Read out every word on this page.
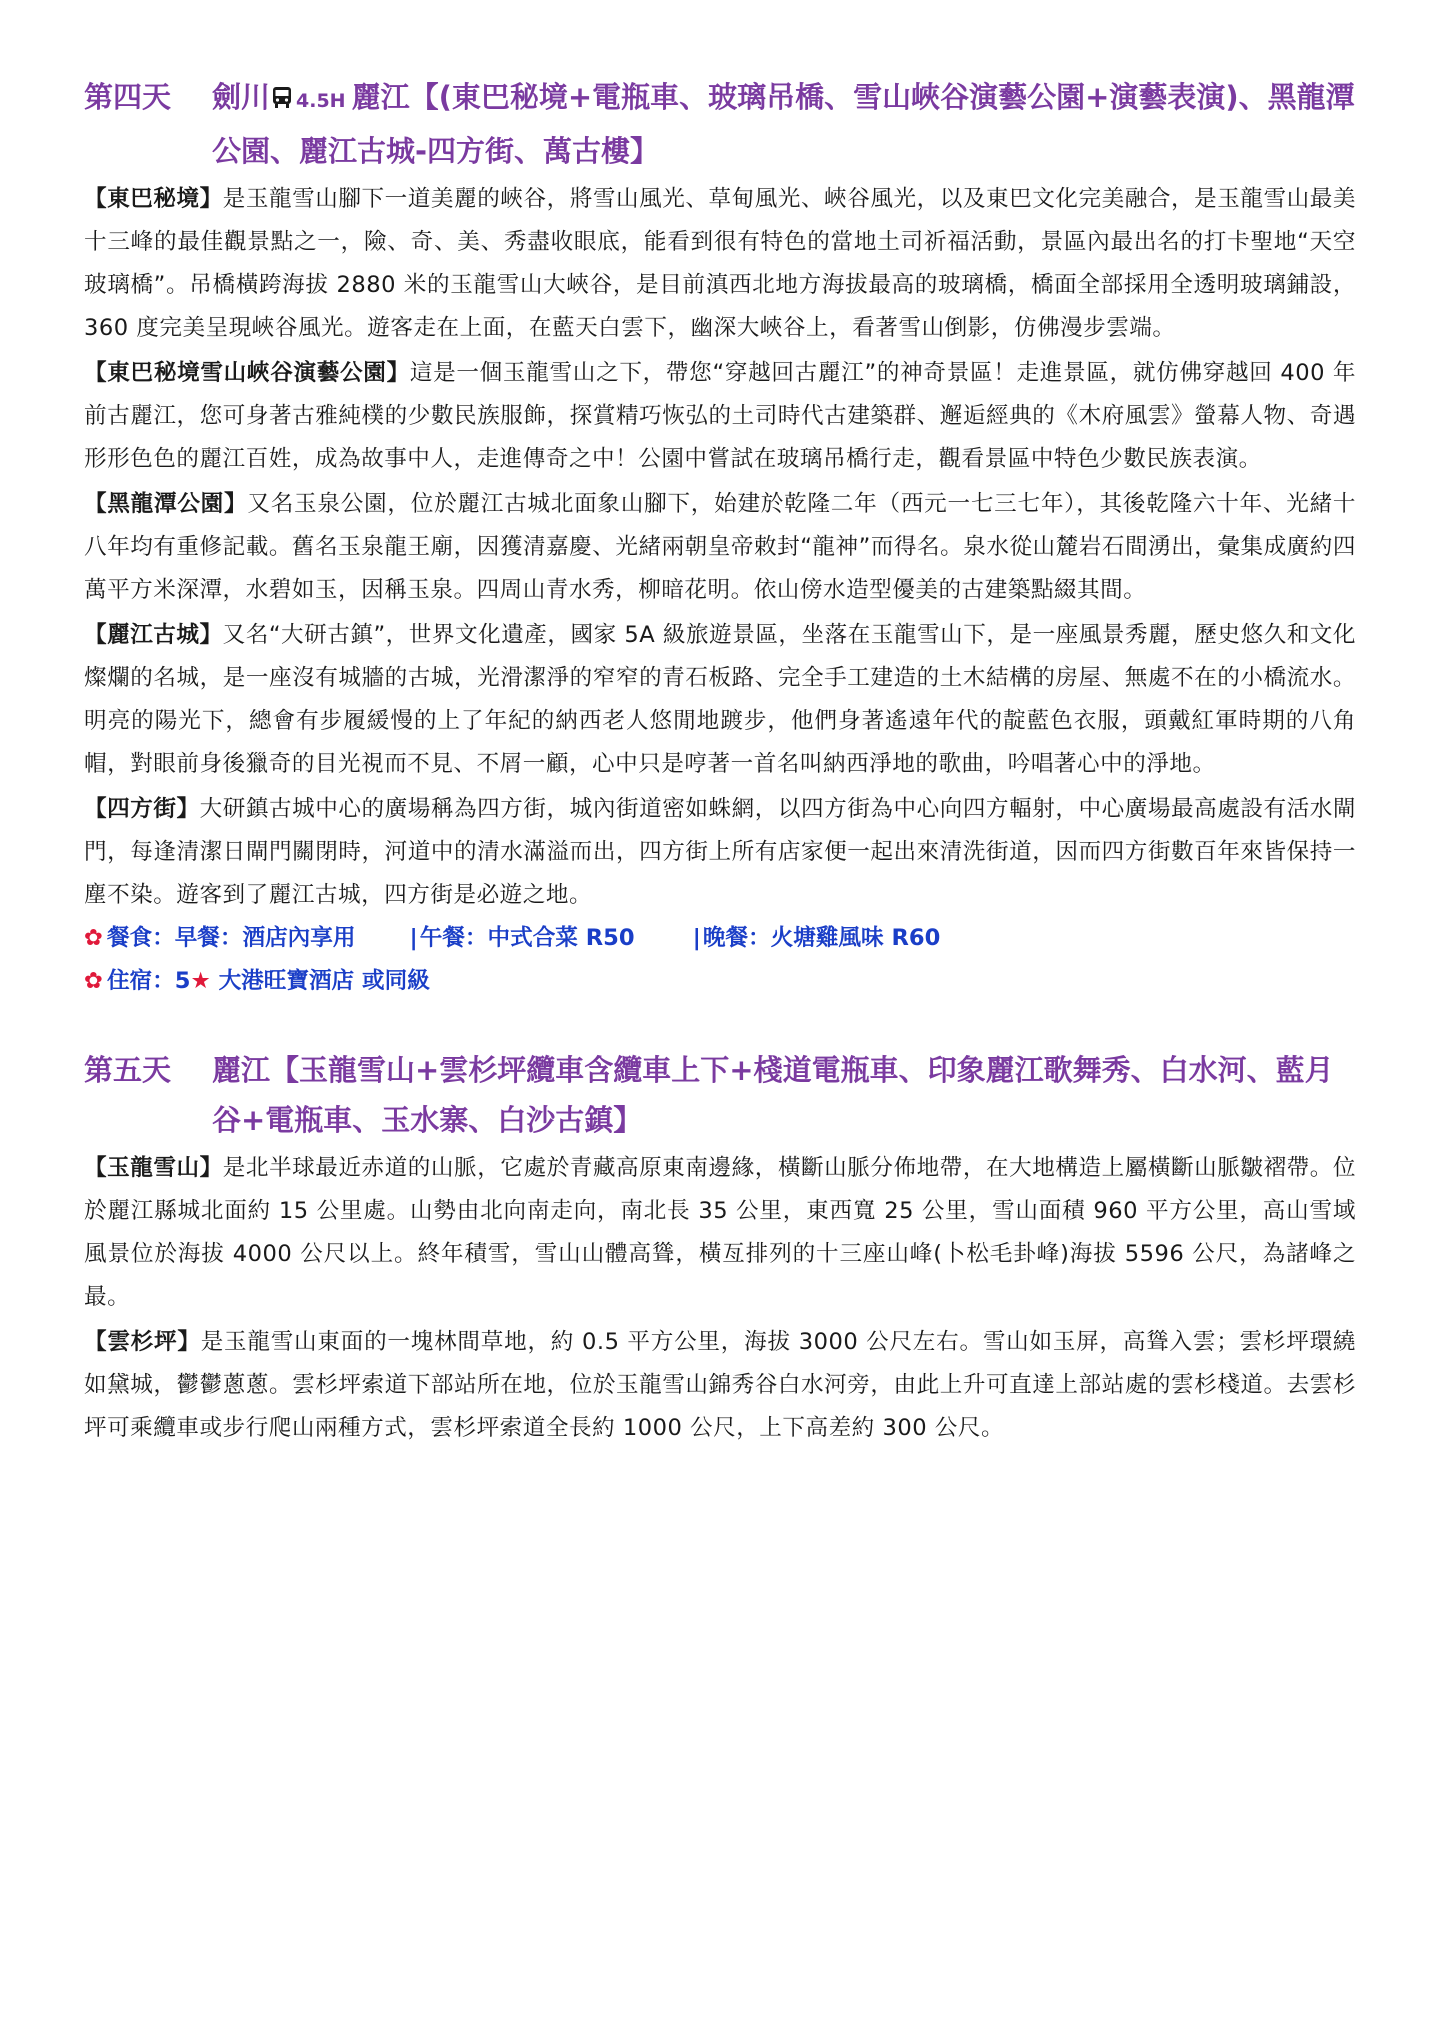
第四天	劍川 4.5H 麗江【(東巴秘境+電瓶車、玻璃吊橋、雪山峽谷演藝公園+演藝表演)、黑龍潭公園、麗江古城-四方街、萬古樓】

【東巴秘境】是玉龍雪山腳下一道美麗的峽谷，將雪山風光、草甸風光、峽谷風光，以及東巴文化完美融合，是玉龍雪山最美十三峰的最佳觀景點之一，險、奇、美、秀盡收眼底，能看到很有特色的當地土司祈福活動，景區內最出名的打卡聖地“天空玻璃橋”。吊橋橫跨海拔 2880 米的玉龍雪山大峽谷，是目前滇西北地方海拔最高的玻璃橋，橋面全部採用全透明玻璃鋪設，360 度完美呈現峽谷風光。遊客走在上面，在藍天白雲下，幽深大峽谷上，看著雪山倒影，仿佛漫步雲端。

【東巴秘境雪山峽谷演藝公園】這是一個玉龍雪山之下，帶您“穿越回古麗江”的神奇景區！走進景區，就仿佛穿越回 400 年前古麗江，您可身著古雅純樸的少數民族服飾，探賞精巧恢弘的土司時代古建築群、邂逅經典的《木府風雲》螢幕人物、奇遇形形色色的麗江百姓，成為故事中人，走進傳奇之中！公園中嘗試在玻璃吊橋行走，觀看景區中特色少數民族表演。

【黑龍潭公園】又名玉泉公園，位於麗江古城北面象山腳下，始建於乾隆二年（西元一七三七年），其後乾隆六十年、光緒十八年均有重修記載。舊名玉泉龍王廟，因獲清嘉慶、光緒兩朝皇帝敕封“龍神”而得名。泉水從山麓岩石間湧出，彙集成廣約四萬平方米深潭，水碧如玉，因稱玉泉。四周山青水秀，柳暗花明。依山傍水造型優美的古建築點綴其間。

【麗江古城】又名“大研古鎮”，世界文化遺產，國家 5A 級旅遊景區，坐落在玉龍雪山下，是一座風景秀麗，歷史悠久和文化燦爛的名城，是一座沒有城牆的古城，光滑潔淨的窄窄的青石板路、完全手工建造的土木結構的房屋、無處不在的小橋流水。明亮的陽光下，總會有步履緩慢的上了年紀的納西老人悠閒地踱步，他們身著遙遠年代的靛藍色衣服，頭戴紅軍時期的八角帽，對眼前身後獵奇的目光視而不見、不屑一顧，心中只是哼著一首名叫納西淨地的歌曲，吟唱著心中的淨地。

【四方街】大研鎮古城中心的廣場稱為四方街，城內街道密如蛛網，以四方街為中心向四方輻射，中心廣場最高處設有活水閘門，每逢清潔日閘門關閉時，河道中的清水滿溢而出，四方街上所有店家便一起出來清洗街道，因而四方街數百年來皆保持一塵不染。遊客到了麗江古城，四方街是必遊之地。

✿ 餐食：早餐：酒店內享用 |午餐：中式合菜 R50	|晚餐：火塘雞風味 R60
✿ 住宿：5★ 大港旺寶酒店 或同級
第五天	麗江【玉龍雪山+雲杉坪纜車含纜車上下+棧道電瓶車、印象麗江歌舞秀、白水河、藍月谷+電瓶車、玉水寨、白沙古鎮】

【玉龍雪山】是北半球最近赤道的山脈，它處於青藏高原東南邊緣，橫斷山脈分佈地帶，在大地構造上屬橫斷山脈皺褶帶。位於麗江縣城北面約 15 公里處。山勢由北向南走向，南北長 35 公里，東西寬 25 公里，雪山面積 960 平方公里，高山雪域風景位於海拔 4000 公尺以上。終年積雪，雪山山體高聳，橫亙排列的十三座山峰(卜松毛卦峰)海拔 5596 公尺，為諸峰之最。

【雲杉坪】是玉龍雪山東面的一塊林間草地，約 0.5 平方公里，海拔 3000 公尺左右。雪山如玉屏，高聳入雲；雲杉坪環繞如黛城，鬱鬱蔥蔥。雲杉坪索道下部站所在地，位於玉龍雪山錦秀谷白水河旁，由此上升可直達上部站處的雲杉棧道。去雲杉坪可乘纜車或步行爬山兩種方式，雲杉坪索道全長約 1000 公尺，上下高差約 300 公尺。
